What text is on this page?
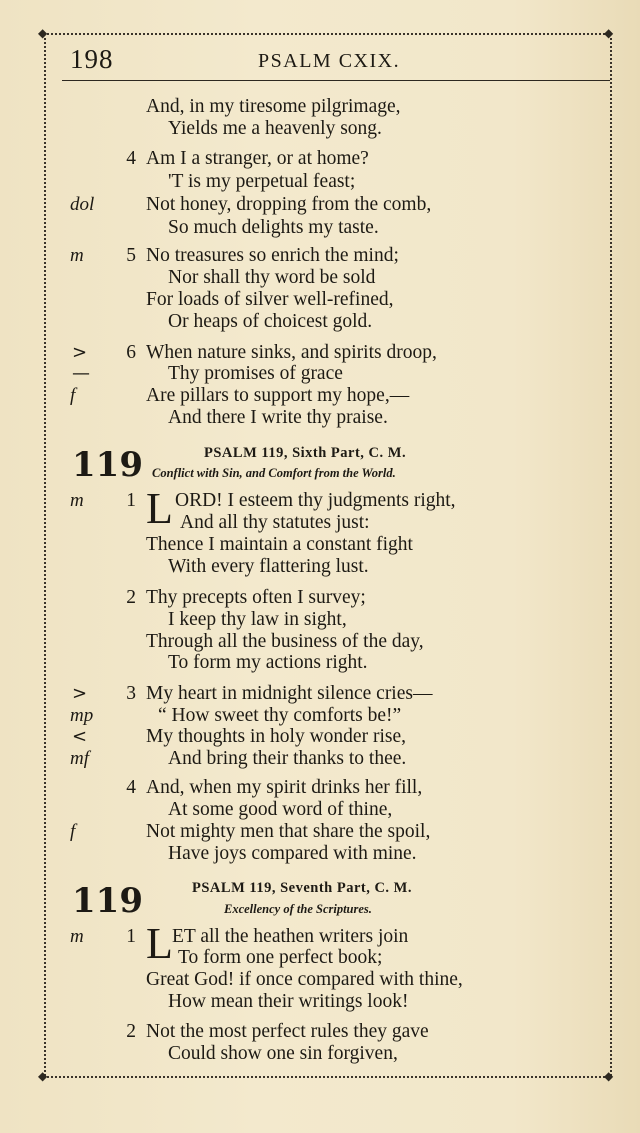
◆	◆
◆	◆
198	PSALM CXIX.
And, in my tiresome pilgrimage,
Yields me a heavenly song.
4 Am I a stranger, or at home?
'T is my perpetual feast;
dol	Not honey, dropping from the comb,
So much delights my taste.
m	5 No treasures so enrich the mind;
Nor shall thy word be sold
For loads of silver well-refined,
Or heaps of choicest gold.
>	6 When nature sinks, and spirits droop,
—	Thy promises of grace
f	Are pillars to support my hope,—
And there I write thy praise.
119	PSALM 119, Sixth Part, C. M.
Conflict with Sin, and Comfort from the World.
m	1 L ORD! I esteem thy judgments right,
And all thy statutes just:
Thence I maintain a constant fight
With every flattering lust.
2 Thy precepts often I survey;
I keep thy law in sight,
Through all the business of the day,
To form my actions right.
>	3 My heart in midnight silence cries—
mp	“ How sweet thy comforts be!”
<	My thoughts in holy wonder rise,
mf	And bring their thanks to thee.
4 And, when my spirit drinks her fill,
At some good word of thine,
f	Not mighty men that share the spoil,
Have joys compared with mine.
119	PSALM 119, Seventh Part, C. M.
Excellency of the Scriptures.
m	1 L ET all the heathen writers join
To form one perfect book;
Great God! if once compared with thine,
How mean their writings look!
2 Not the most perfect rules they gave
Could show one sin forgiven,
